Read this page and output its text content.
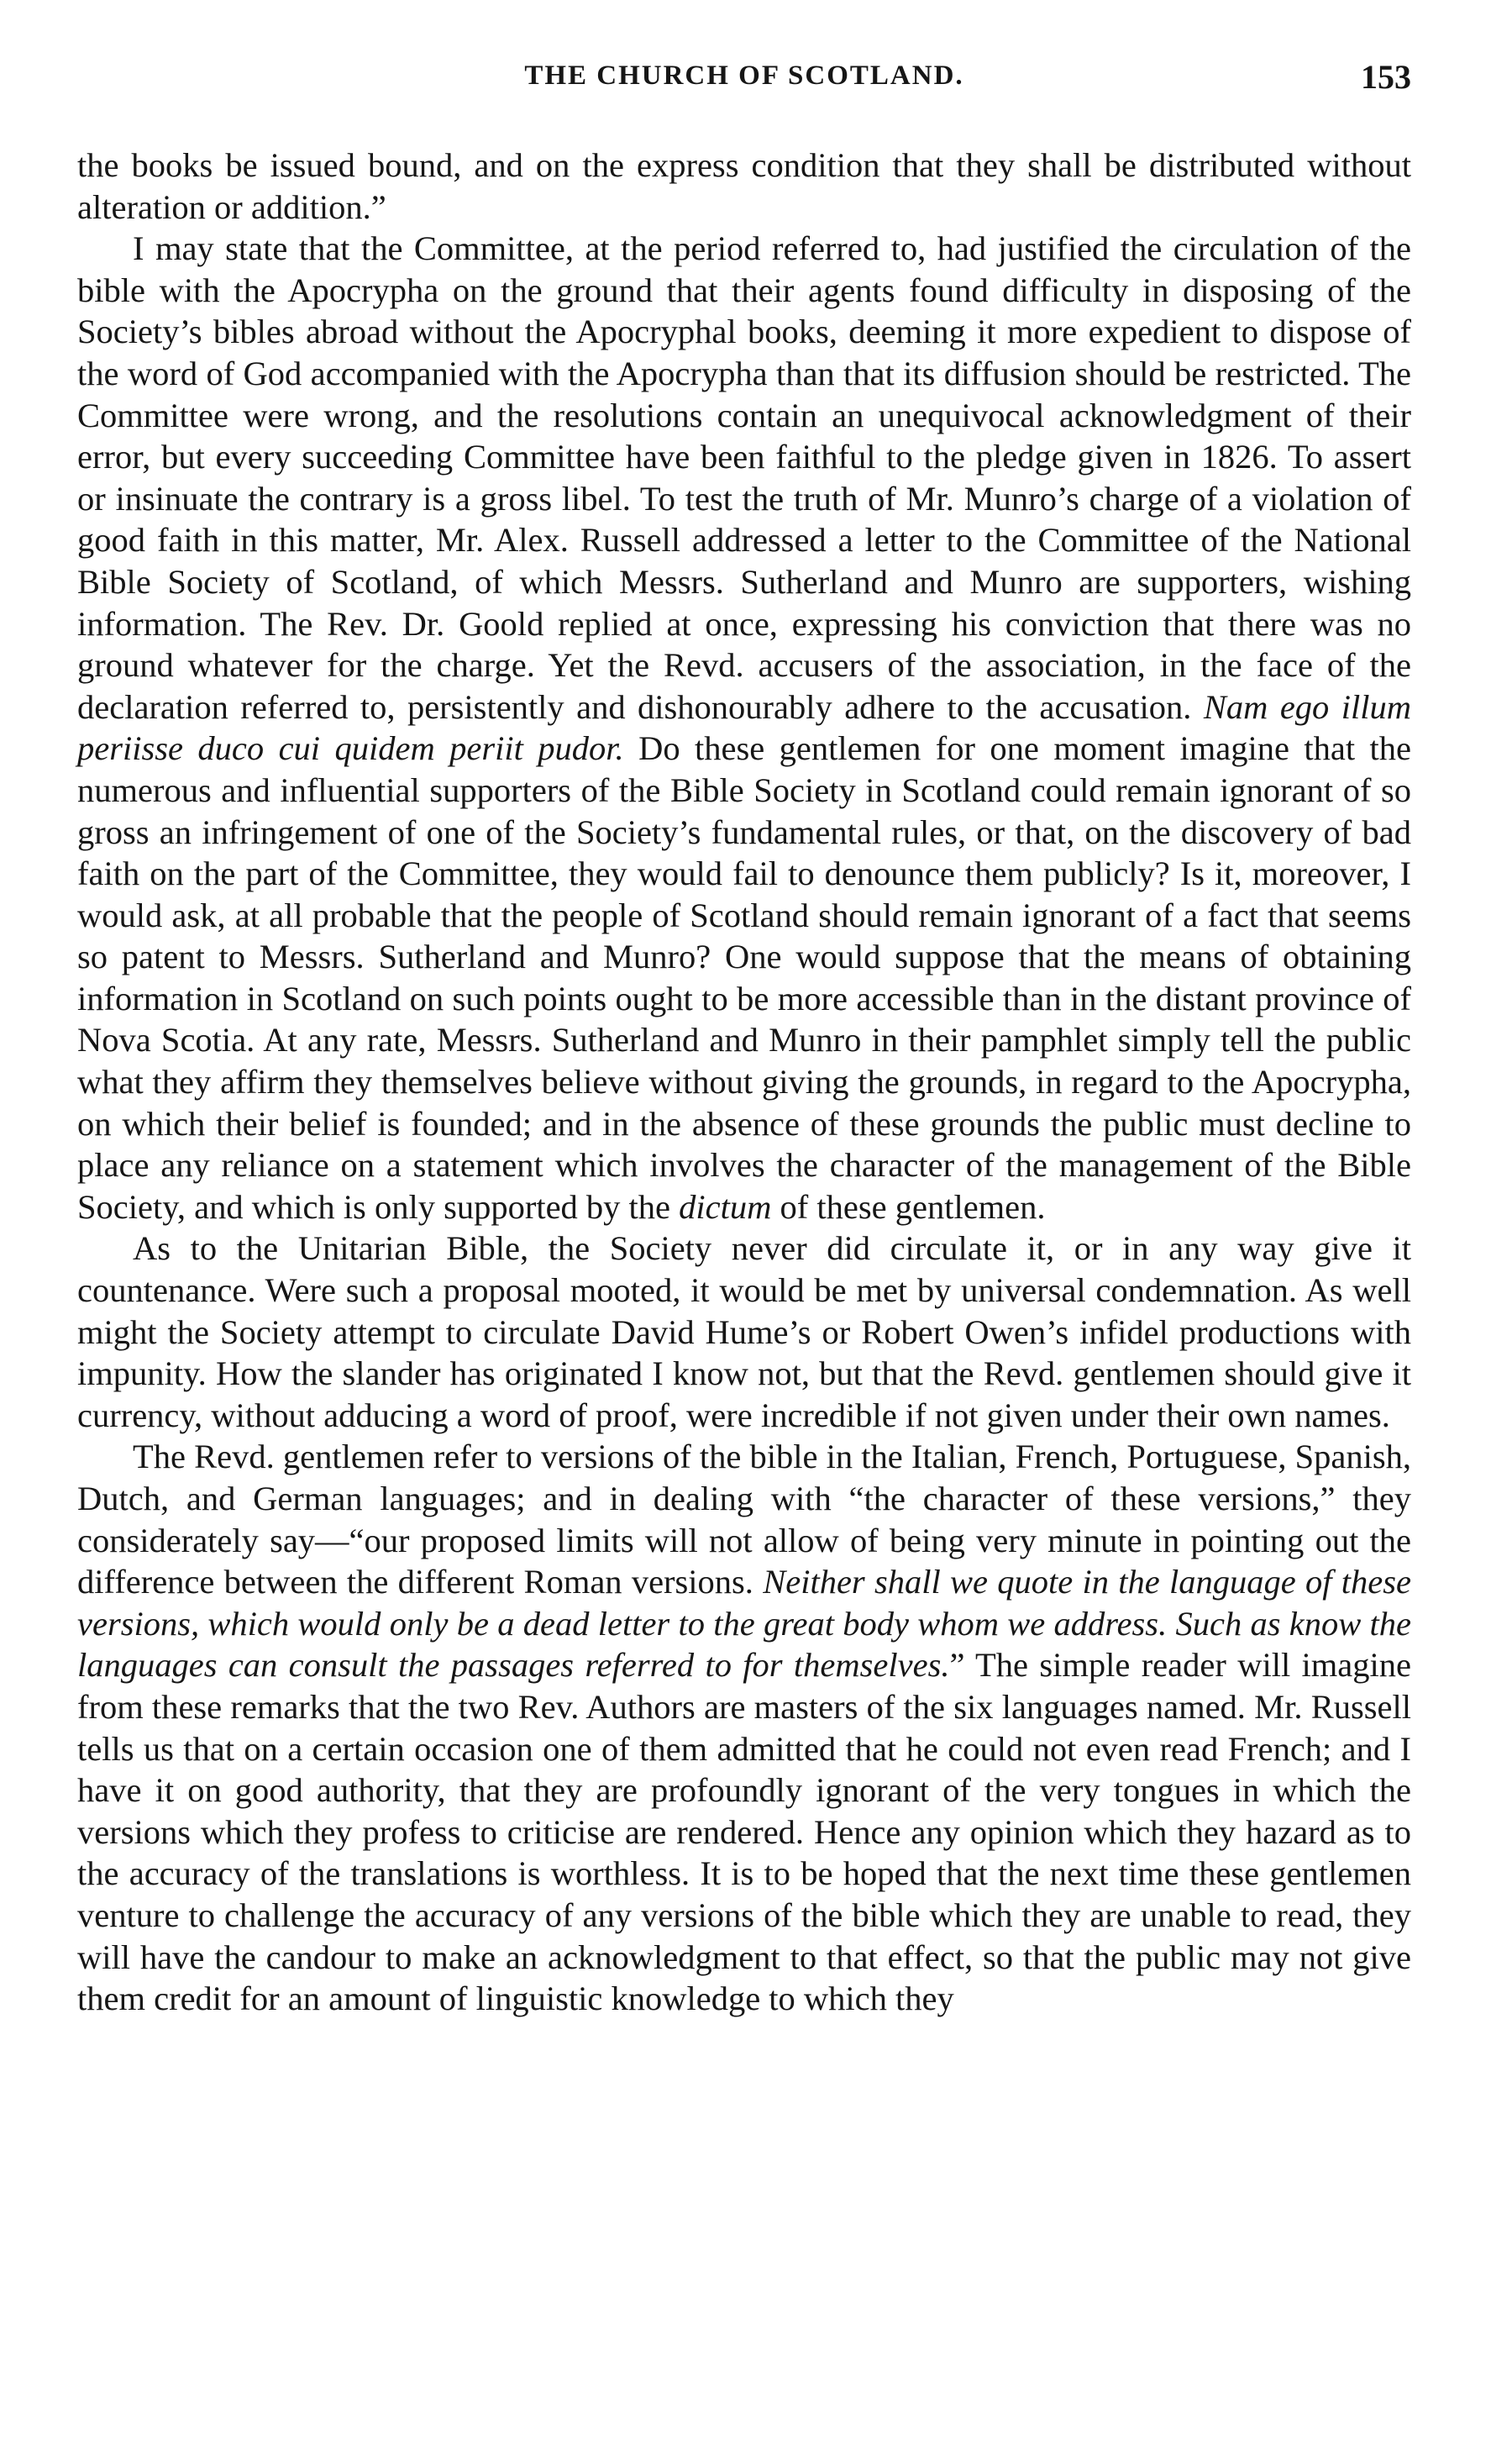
THE CHURCH OF SCOTLAND.	153

the books be issued bound, and on the express condition that they shall be distributed without alteration or addition.”

I may state that the Committee, at the period referred to, had justified the circulation of the bible with the Apocrypha on the ground that their agents found difficulty in disposing of the Society’s bibles abroad without the Apocryphal books, deeming it more expedient to dispose of the word of God accompanied with the Apocrypha than that its diffusion should be restricted. The Committee were wrong, and the resolutions contain an unequivocal acknowledgment of their error, but every succeeding Committee have been faithful to the pledge given in 1826. To assert or insinuate the contrary is a gross libel. To test the truth of Mr. Munro’s charge of a violation of good faith in this matter, Mr. Alex. Russell addressed a letter to the Committee of the National Bible Society of Scotland, of which Messrs. Sutherland and Munro are supporters, wishing information. The Rev. Dr. Goold replied at once, expressing his conviction that there was no ground whatever for the charge. Yet the Revd. accusers of the association, in the face of the declaration referred to, persistently and dishonourably adhere to the accusation. Nam ego illum periisse duco cui quidem periit pudor. Do these gentlemen for one moment imagine that the numerous and influential supporters of the Bible Society in Scotland could remain ignorant of so gross an infringement of one of the Society’s fundamental rules, or that, on the discovery of bad faith on the part of the Committee, they would fail to denounce them publicly? Is it, moreover, I would ask, at all probable that the people of Scotland should remain ignorant of a fact that seems so patent to Messrs. Sutherland and Munro? One would suppose that the means of obtaining information in Scotland on such points ought to be more accessible than in the distant province of Nova Scotia. At any rate, Messrs. Sutherland and Munro in their pamphlet simply tell the public what they affirm they themselves believe without giving the grounds, in regard to the Apocrypha, on which their belief is founded; and in the absence of these grounds the public must decline to place any reliance on a statement which involves the character of the management of the Bible Society, and which is only supported by the dictum of these gentlemen.

As to the Unitarian Bible, the Society never did circulate it, or in any way give it countenance. Were such a proposal mooted, it would be met by universal condemnation. As well might the Society attempt to circulate David Hume’s or Robert Owen’s infidel productions with impunity. How the slander has originated I know not, but that the Revd. gentlemen should give it currency, without adducing a word of proof, were incredible if not given under their own names.

The Revd. gentlemen refer to versions of the bible in the Italian, French, Portuguese, Spanish, Dutch, and German languages; and in dealing with “the character of these versions,” they considerately say—“our proposed limits will not allow of being very minute in pointing out the difference between the different Roman versions. Neither shall we quote in the language of these versions, which would only be a dead letter to the great body whom we address. Such as know the languages can consult the passages referred to for themselves.” The simple reader will imagine from these remarks that the two Rev. Authors are masters of the six languages named. Mr. Russell tells us that on a certain occasion one of them admitted that he could not even read French; and I have it on good authority, that they are profoundly ignorant of the very tongues in which the versions which they profess to criticise are rendered. Hence any opinion which they hazard as to the accuracy of the translations is worthless. It is to be hoped that the next time these gentlemen venture to challenge the accuracy of any versions of the bible which they are unable to read, they will have the candour to make an acknowledgment to that effect, so that the public may not give them credit for an amount of linguistic knowledge to which they
